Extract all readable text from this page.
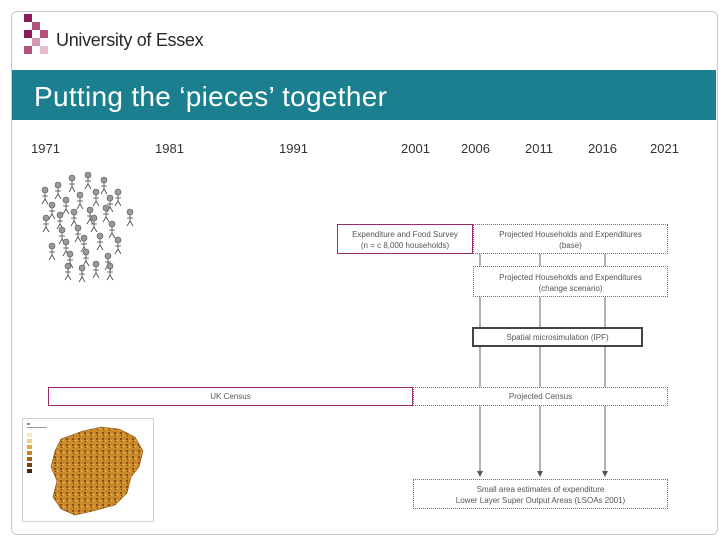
University of Essex
Putting the ‘pieces’ together
1971	1981	1991	2001 2006	2011	2016	2021
Expenditure and Food Survey
(n = c 8,000 households)
Projected Households and Expenditures
(base)
Projected Households and Expenditures
(change scenario)
Spatial microsimulation (IPF)
UK Census	Projected Census
Small area estimates of expenditure
Lower Layer Super Output Areas (LSOAs 2001)
